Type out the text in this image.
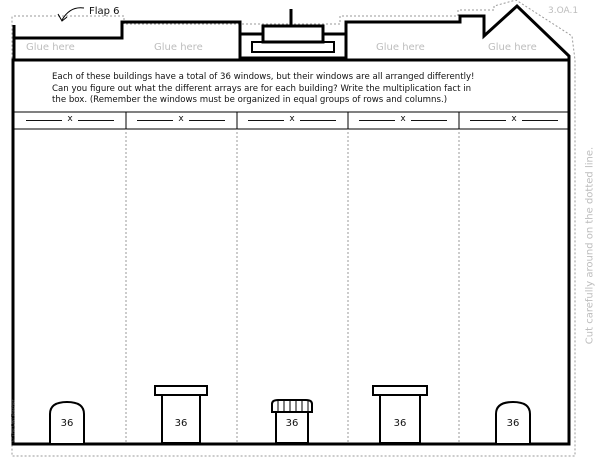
Flap 6	3.OA.1
Glue here	Glue here	Glue here	Glue here
Each of these buildings have a total of 36 windows, but their windows are all arranged differently!
Can you figure out what the different arrays are for each building? Write the multiplication fact in
the box. (Remember the windows must be organized in equal groups of rows and columns.)
x	x	x	x	x
36	36	36	36	36
Cut carefully around on the dotted line.
© The Owl Teacher
